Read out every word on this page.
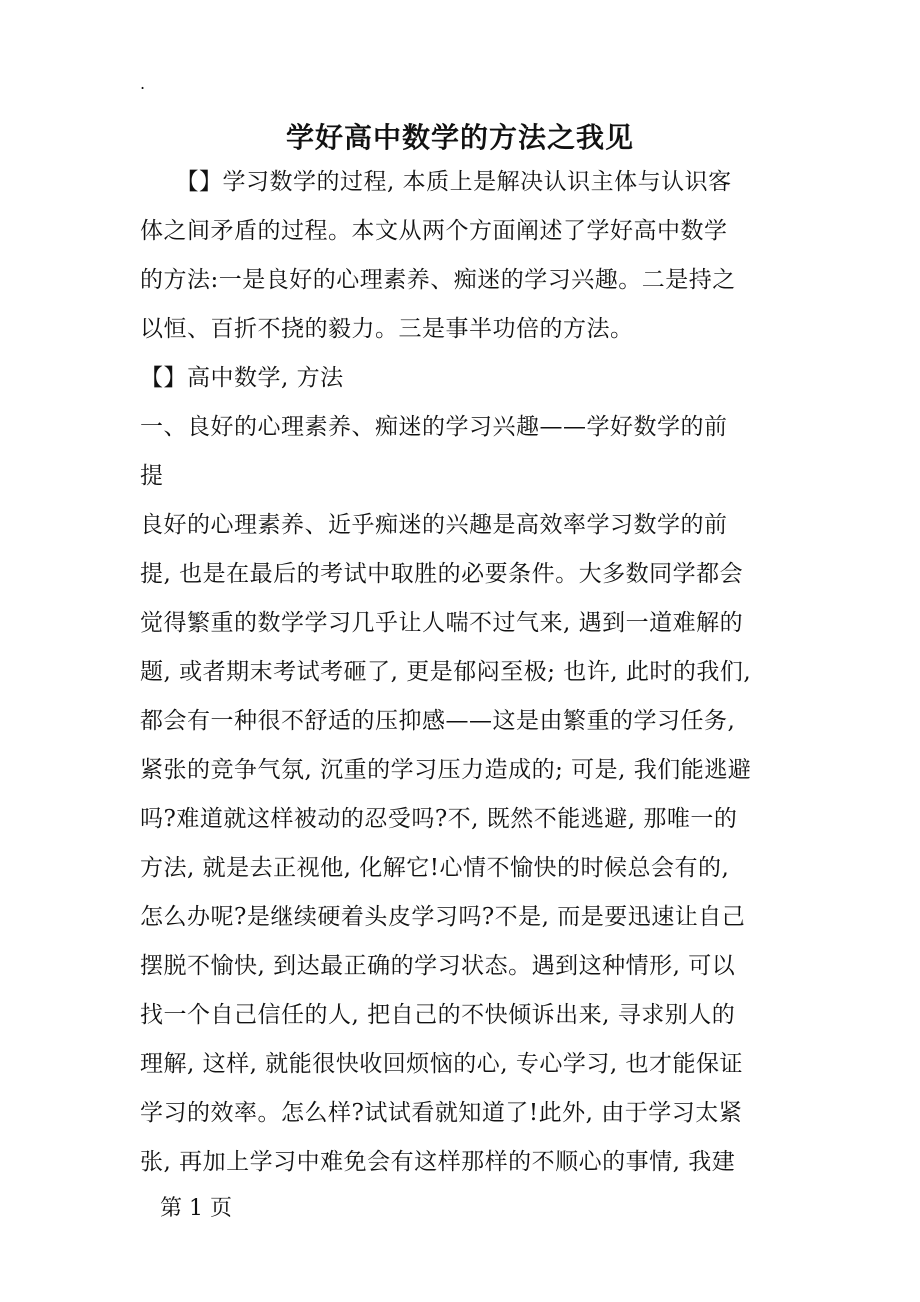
.
学好高中数学的方法之我见
　　【】学习数学的过程, 本质上是解决认识主体与认识客
体之间矛盾的过程。本文从两个方面阐述了学好高中数学
的方法:一是良好的心理素养、痴迷的学习兴趣。二是持之
以恒、百折不挠的毅力。三是事半功倍的方法。
【】高中数学, 方法
一、良好的心理素养、痴迷的学习兴趣——学好数学的前
提
良好的心理素养、近乎痴迷的兴趣是高效率学习数学的前
提, 也是在最后的考试中取胜的必要条件。大多数同学都会
觉得繁重的数学学习几乎让人喘不过气来, 遇到一道难解的
题, 或者期末考试考砸了, 更是郁闷至极; 也许, 此时的我们,
都会有一种很不舒适的压抑感——这是由繁重的学习任务,
紧张的竞争气氛, 沉重的学习压力造成的; 可是, 我们能逃避
吗?难道就这样被动的忍受吗?不, 既然不能逃避, 那唯一的
方法, 就是去正视他, 化解它!心情不愉快的时候总会有的,
怎么办呢?是继续硬着头皮学习吗?不是, 而是要迅速让自己
摆脱不愉快, 到达最正确的学习状态。遇到这种情形, 可以
找一个自己信任的人, 把自己的不快倾诉出来, 寻求别人的
理解, 这样, 就能很快收回烦恼的心, 专心学习, 也才能保证
学习的效率。怎么样?试试看就知道了!此外, 由于学习太紧
张, 再加上学习中难免会有这样那样的不顺心的事情, 我建
第 1 页
